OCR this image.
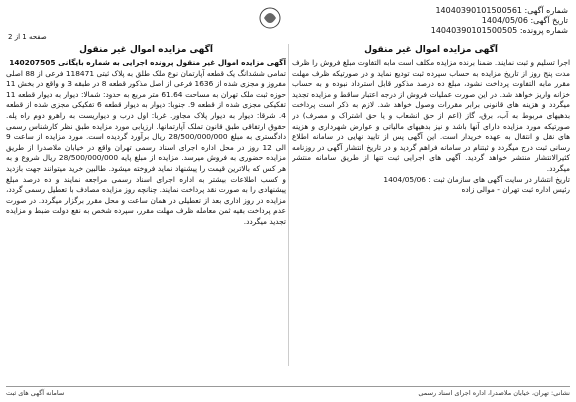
شماره آگهی: 14040390101500561
تاریخ آگهی: 1404/05/06
شماره پرونده: 14040390101500505
صفحه 1 از 2
آگهی مزایده اموال غیر منقول

اجرا تسلیم و ثبت نمایند. ضمنا برنده مزایده مکلف است مابه التفاوت مبلغ فروش را ظرف مدت پنج روز از تاریخ مزایده به حساب سپرده ثبت تودیع نماید و در صورتیکه ظرف مهلت مقرر مابه التفاوت پرداخت نشود، مبلغ ده درصد مذکور قابل استرداد نبوده و به حساب خزانه واریز خواهد شد. در این صورت عملیات فروش از درجه اعتبار ساقط و مزایده تجدید میگردد و هزینه های قانونی برابر مقررات وصول خواهد شد. لازم به ذکر است پرداخت بدهیهای مربوط به آب، برق، گاز (اعم از حق انشعاب و یا حق اشتراک و مصرف) در صورتیکه مورد مزایده دارای آنها باشد و نیز بدهیهای مالیاتی و عوارض شهرداری و هزینه های نقل و انتقال به عهده خریدار است. این آگهی پس از تایید نهایی در سامانه اطلاع رسانی ثبت درج میگردد و ثبتنام در سامانه فراهم گردید و در تاریخ انتشار آگهی در روزنامه کثیرالانتشار منتشر خواهد گردید. آگهی های اجرایی ثبت تنها از طریق سامانه منتشر میگردد.

تاریخ انتشار در سایت آگهی های سازمان ثبت : 1404/05/06

رئیس اداره ثبت تهران - موالی زاده

آگهی مزایده اموال غیر منقول

آگهی مزایده اموال غیر منقول پرونده اجرایی به شماره بایگانی 140207505

تمامی ششدانگ یک قطعه آپارتمان نوع ملک طلق به پلاک ثبتی 118471 فرعی از 88 اصلی مفروز و مجزی شده از 1636 فرعی از اصل مذکور قطعه 8 در طبقه 3 و واقع در بخش 11 حوزه ثبت ملک تهران به مساحت 61.64 متر مربع به حدود: شمالا: دیوار به دیوار قطعه 11 تفکیکی مجزی شده از قطعه 9. جنوبا: دیوار به دیوار قطعه 6 تفکیکی مجزی شده از قطعه 4. شرقا: دیوار به دیوار پلاک مجاور. غربا: اول درب و دیواریست به راهرو دوم راه پله. حقوق ارتفاقی طبق قانون تملک آپارتمانها. ارزیابی مورد مزایده طبق نظر کارشناس رسمی دادگستری به مبلغ 28/500/000/000 ریال برآورد گردیده است. مورد مزایده از ساعت 9 الی 12 روز در محل اداره اجرای اسناد رسمی تهران واقع در خیابان ملاصدرا از طریق مزایده حضوری به فروش میرسد. مزایده از مبلغ پایه 28/500/000/000 ریال شروع و به هر کس که بالاترین قیمت را پیشنهاد نماید فروخته میشود. طالبین خرید میتوانند جهت بازدید و کسب اطلاعات بیشتر به اداره اجرای اسناد رسمی مراجعه نمایند و ده درصد مبلغ پیشنهادی را به صورت نقد پرداخت نمایند. چنانچه روز مزایده مصادف با تعطیل رسمی گردد، مزایده در روز اداری بعد از تعطیلی در همان ساعت و محل مقرر برگزار میگردد. در صورت عدم پرداخت بقیه ثمن معامله ظرف مهلت مقرر، سپرده شخص به نفع دولت ضبط و مزایده تجدید میگردد.

نشانی: تهران، خیابان ملاصدرا، اداره اجرای اسناد رسمی
سامانه آگهی های ثبت
